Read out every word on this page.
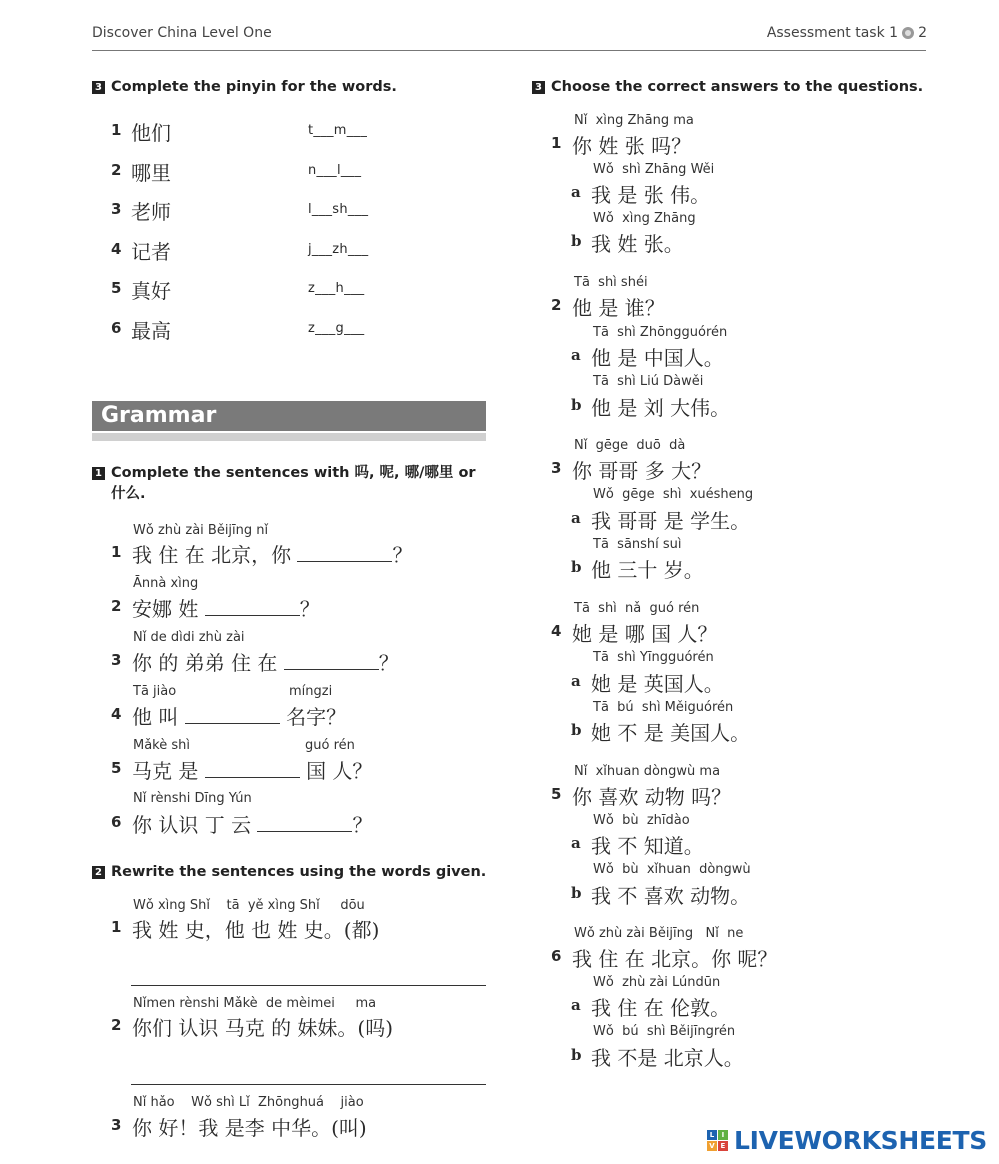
Discover China Level One	Assessment task 1 2
3 Complete the pinyin for the words.
1 他们	t___m___
2 哪里	n___l___
3 老师	l___sh___
4 记者	j___zh___
5 真好	z___h___
6 最高	z___g___
Grammar
1 Complete the sentences with 吗, 呢, 哪/哪里 or
什么.
Wǒ zhù zài Běijīng nǐ
1 我 住 在 北京，你	？
Ānnà xìng
2 安娜 姓	？
Nǐ de dìdi zhù zài
3 你 的 弟弟 住 在	？
Tā jiào	míngzi
4 他 叫	名字？
Mǎkè shì	guó rén
5 马克 是	国 人？
Nǐ rènshi Dīng Yún
6 你 认识 丁 云	？
2 Rewrite the sentences using the words given.
Wǒ xìng Shǐ    tā  yě xìng Shǐ     dōu
1 我 姓 史，他 也 姓 史。(都)
Nǐmen rènshi Mǎkè  de mèimei     ma
2 你们 认识 马克 的 妹妹。(吗)
Nǐ hǎo    Wǒ shì Lǐ  Zhōnghuá    jiào
3 你 好！我 是李 中华。(叫)
3 Choose the correct answers to the questions.
Nǐ  xìng Zhāng ma
1 你 姓 张 吗？
Wǒ  shì Zhāng Wěi
a 我 是 张 伟。
Wǒ  xìng Zhāng
b 我 姓 张。
Tā  shì shéi
2 他 是 谁？
Tā  shì Zhōngguórén
a 他 是 中国人。
Tā  shì Liú Dàwěi
b 他 是 刘 大伟。
Nǐ  gēge  duō  dà
3 你 哥哥 多 大？
Wǒ  gēge  shì  xuésheng
a 我 哥哥 是 学生。
Tā  sānshí suì
b 他 三十 岁。
Tā  shì  nǎ  guó rén
4 她 是 哪 国 人？
Tā  shì Yīngguórén
a 她 是 英国人。
Tā  bú  shì Měiguórén
b 她 不 是 美国人。
Nǐ  xǐhuan dòngwù ma
5 你 喜欢 动物 吗？
Wǒ  bù  zhīdào
a 我 不 知道。
Wǒ  bù  xǐhuan  dòngwù
b 我 不 喜欢 动物。
Wǒ zhù zài Běijīng   Nǐ  ne
6 我 住 在 北京。你 呢？
Wǒ  zhù zài Lúndūn
a 我 住 在 伦敦。
Wǒ  bú  shì Běijīngrén
b 我 不是 北京人。
L	I
V E LIVEWORKSHEETS
